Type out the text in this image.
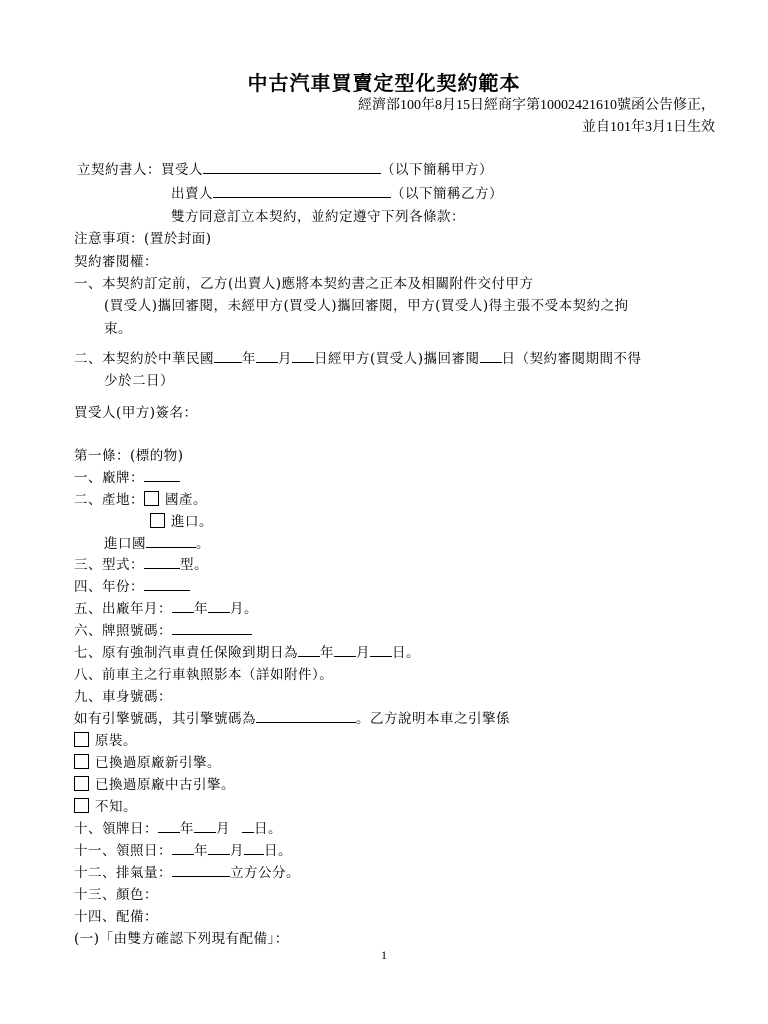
中古汽車買賣定型化契約範本
經濟部100年8月15日經商字第10002421610號函公告修正，
並自101年3月1日生效
立契約書人：買受人	（以下簡稱甲方）
出賣人	（以下簡稱乙方）
雙方同意訂立本契約，並約定遵守下列各條款：
注意事項：(置於封面)
契約審閱權：
一、本契約訂定前，乙方(出賣人)應將本契約書之正本及相關附件交付甲方
(買受人)攜回審閱，未經甲方(買受人)攜回審閱，甲方(買受人)得主張不受本契約之拘
束。
二、本契約於中華民國 年 月 日經甲方(買受人)攜回審閱 日（契約審閱期間不得
少於二日）
買受人(甲方)簽名：
第一條：(標的物)
一、廠牌：
二、產地： 國產。
進口。
進口國	。
三、型式：	型。
四、年份：
五、出廠年月： 年 月。
六、牌照號碼：
七、原有強制汽車責任保險到期日為 年 月 日。
八、前車主之行車執照影本（詳如附件）。
九、車身號碼：
如有引擎號碼，其引擎號碼為	。乙方說明本車之引擎係
原裝。
已換過原廠新引擎。
已換過原廠中古引擎。
不知。
十、領牌日： 年 月 日。
十一、領照日： 年 月 日。
十二、排氣量：	立方公分。
十三、顏色：
十四、配備：
(一)「由雙方確認下列現有配備」：
1
